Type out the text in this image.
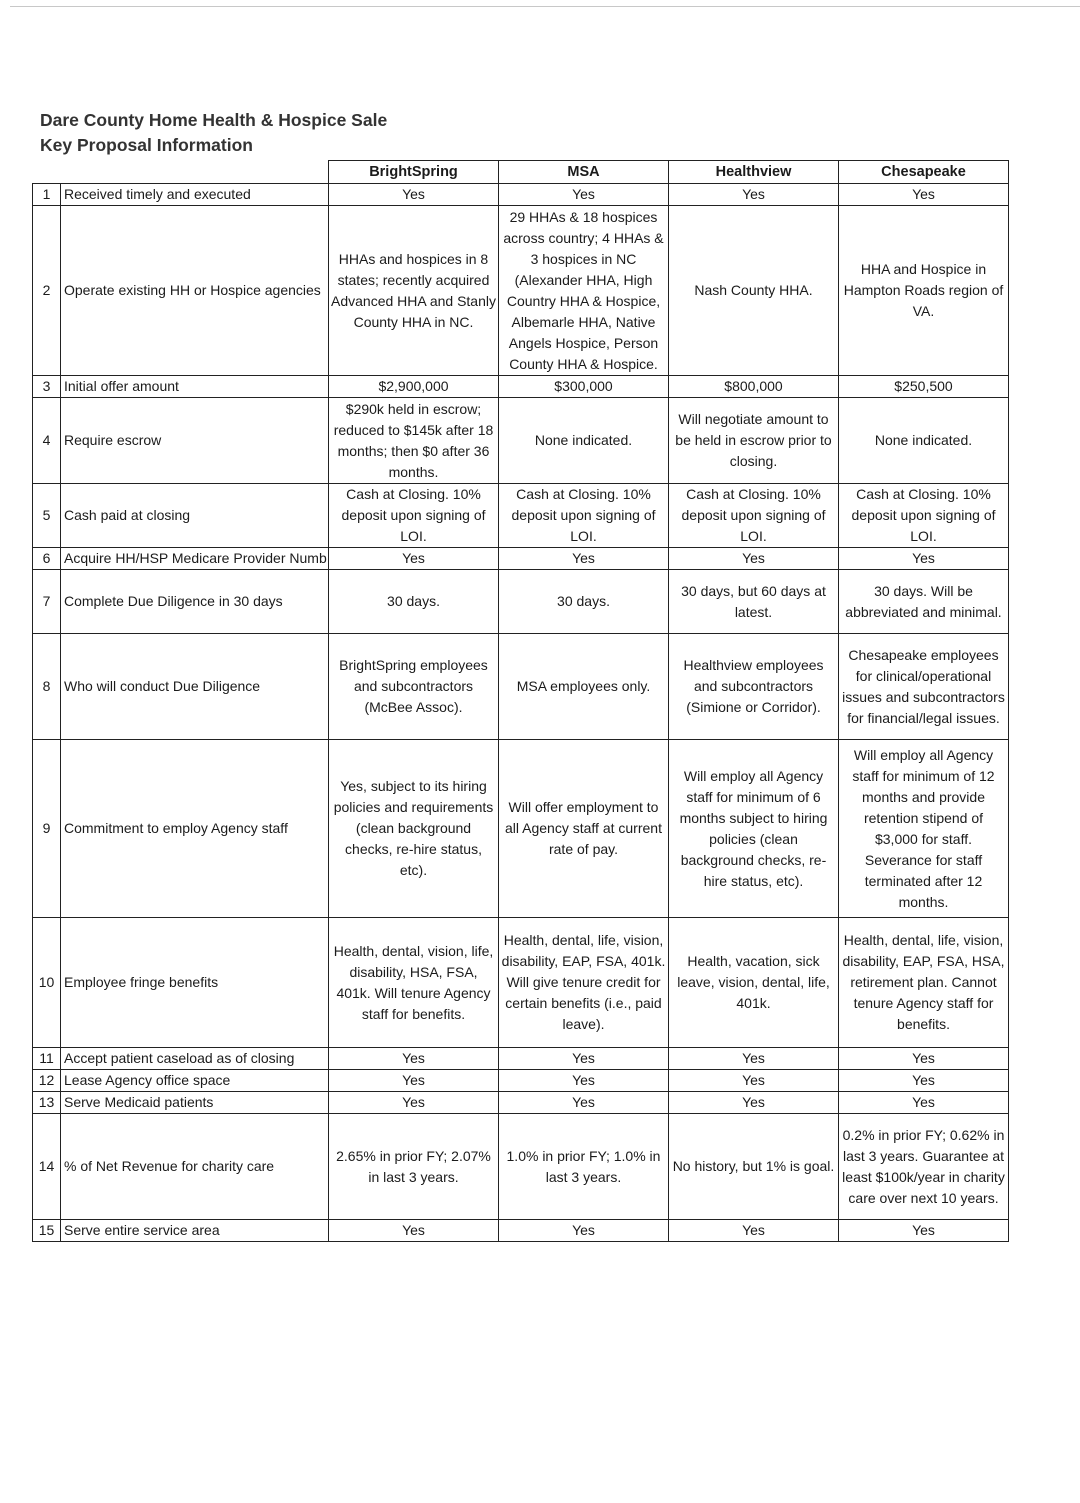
Dare County Home Health & Hospice Sale
Key Proposal Information
		BrightSpring	MSA	Healthview	Chesapeake
1	Received timely and executed	Yes	Yes	Yes	Yes
2	Operate existing HH or Hospice agencies	HHAs and hospices in 8 states; recently acquired Advanced HHA and Stanly County HHA in NC.	29 HHAs & 18 hospices across country; 4 HHAs & 3 hospices in NC (Alexander HHA, High Country HHA & Hospice, Albemarle HHA, Native Angels Hospice, Person County HHA & Hospice.	Nash County HHA.	HHA and Hospice in Hampton Roads region of VA.
3	Initial offer amount	$2,900,000	$300,000	$800,000	$250,500
4	Require escrow	$290k held in escrow; reduced to $145k after 18 months; then $0 after 36 months.	None indicated.	Will negotiate amount to be held in escrow prior to closing.	None indicated.
5	Cash paid at closing	Cash at Closing. 10% deposit upon signing of LOI.	Cash at Closing. 10% deposit upon signing of LOI.	Cash at Closing. 10% deposit upon signing of LOI.	Cash at Closing. 10% deposit upon signing of LOI.
6	Acquire HH/HSP Medicare Provider Numb	Yes	Yes	Yes	Yes
7	Complete Due Diligence in 30 days	30 days.	30 days.	30 days, but 60 days at latest.	30 days. Will be abbreviated and minimal.
8	Who will conduct Due Diligence	BrightSpring employees and subcontractors (McBee Assoc).	MSA employees only.	Healthview employees and subcontractors (Simione or Corridor).	Chesapeake employees for clinical/operational issues and subcontractors for financial/legal issues.
9	Commitment to employ Agency staff	Yes, subject to its hiring policies and requirements (clean background checks, re-hire status, etc).	Will offer employment to all Agency staff at current rate of pay.	Will employ all Agency staff for minimum of 6 months subject to hiring policies (clean background checks, re-hire status, etc).	Will employ all Agency staff for minimum of 12 months and provide retention stipend of $3,000 for staff. Severance for staff terminated after 12 months.
10	Employee fringe benefits	Health, dental, vision, life, disability, HSA, FSA, 401k. Will tenure Agency staff for benefits.	Health, dental, life, vision, disability, EAP, FSA, 401k. Will give tenure credit for certain benefits (i.e., paid leave).	Health, vacation, sick leave, vision, dental, life, 401k.	Health, dental, life, vision, disability, EAP, FSA, HSA, retirement plan. Cannot tenure Agency staff for benefits.
11	Accept patient caseload as of closing	Yes	Yes	Yes	Yes
12	Lease Agency office space	Yes	Yes	Yes	Yes
13	Serve Medicaid patients	Yes	Yes	Yes	Yes
14	% of Net Revenue for charity care	2.65% in prior FY; 2.07% in last 3 years.	1.0% in prior FY; 1.0% in last 3 years.	No history, but 1% is goal.	0.2% in prior FY; 0.62% in last 3 years. Guarantee at least $100k/year in charity care over next 10 years.
15	Serve entire service area	Yes	Yes	Yes	Yes
